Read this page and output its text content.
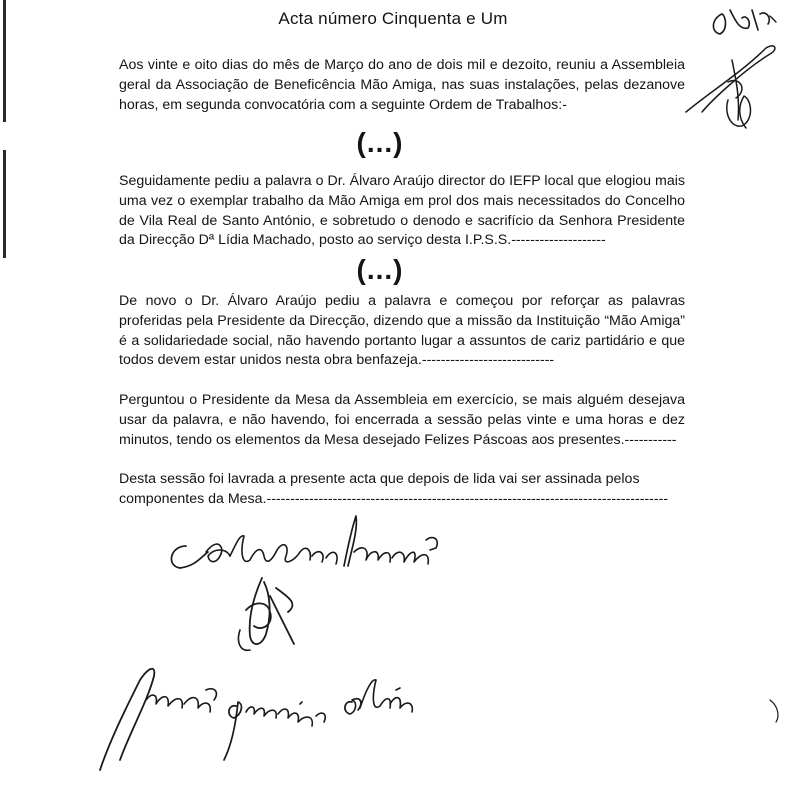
Acta número Cinquenta e Um

Aos vinte e oito dias do mês de Março do ano de dois mil e dezoito, reuniu a Assembleia geral da Associação de Beneficência Mão Amiga, nas suas instalações, pelas dezanove horas, em segunda convocatória com a seguinte Ordem de Trabalhos:-

(...)

Seguidamente pediu a palavra o Dr. Álvaro Araújo director do IEFP local que elogiou mais uma vez o exemplar trabalho da Mão Amiga em prol dos mais necessitados do Concelho de Vila Real de Santo António, e sobretudo o denodo e sacrifício da Senhora Presidente da Direcção Dª Lídia Machado, posto ao serviço desta I.P.S.S.--------------------

(...)

De novo o Dr. Álvaro Araújo pediu a palavra e começou por reforçar as palavras proferidas pela Presidente da Direcção, dizendo que a missão da Instituição “Mão Amiga” é a solidariedade social, não havendo portanto lugar a assuntos de cariz partidário e que todos devem estar unidos nesta obra benfazeja.----------------------------

Perguntou o Presidente da Mesa da Assembleia em exercício, se mais alguém desejava usar da palavra, e não havendo, foi encerrada a sessão pelas vinte e uma horas e dez minutos, tendo os elementos da Mesa desejado Felizes Páscoas aos presentes.-----------

Desta sessão foi lavrada a presente acta que depois de lida vai ser assinada pelos componentes da Mesa.-------------------------------------------------------------------------------------
